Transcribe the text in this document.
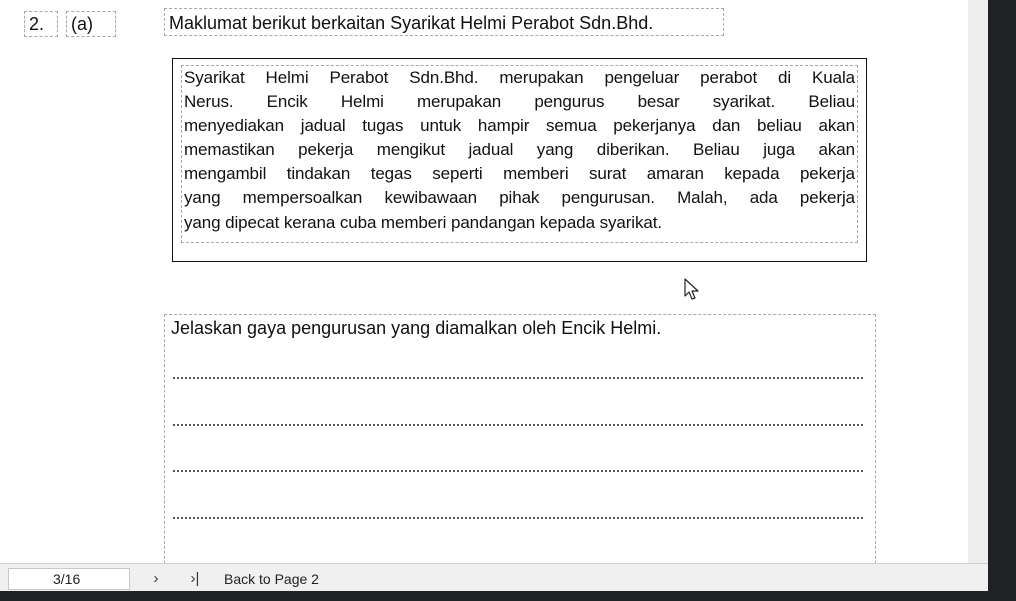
2.	(a)	Maklumat berikut berkaitan Syarikat Helmi Perabot Sdn.Bhd.
Syarikat Helmi Perabot Sdn.Bhd. merupakan pengeluar perabot di Kuala
Nerus. Encik Helmi merupakan pengurus besar syarikat. Beliau
menyediakan jadual tugas untuk hampir semua pekerjanya dan beliau akan
memastikan pekerja mengikut jadual yang diberikan. Beliau juga akan
mengambil tindakan tegas seperti memberi surat amaran kepada pekerja
yang mempersoalkan kewibawaan pihak pengurusan. Malah, ada pekerja
yang dipecat kerana cuba memberi pandangan kepada syarikat.
Jelaskan gaya pengurusan yang diamalkan oleh Encik Helmi.
3/16	›	›|	Back to Page 2
